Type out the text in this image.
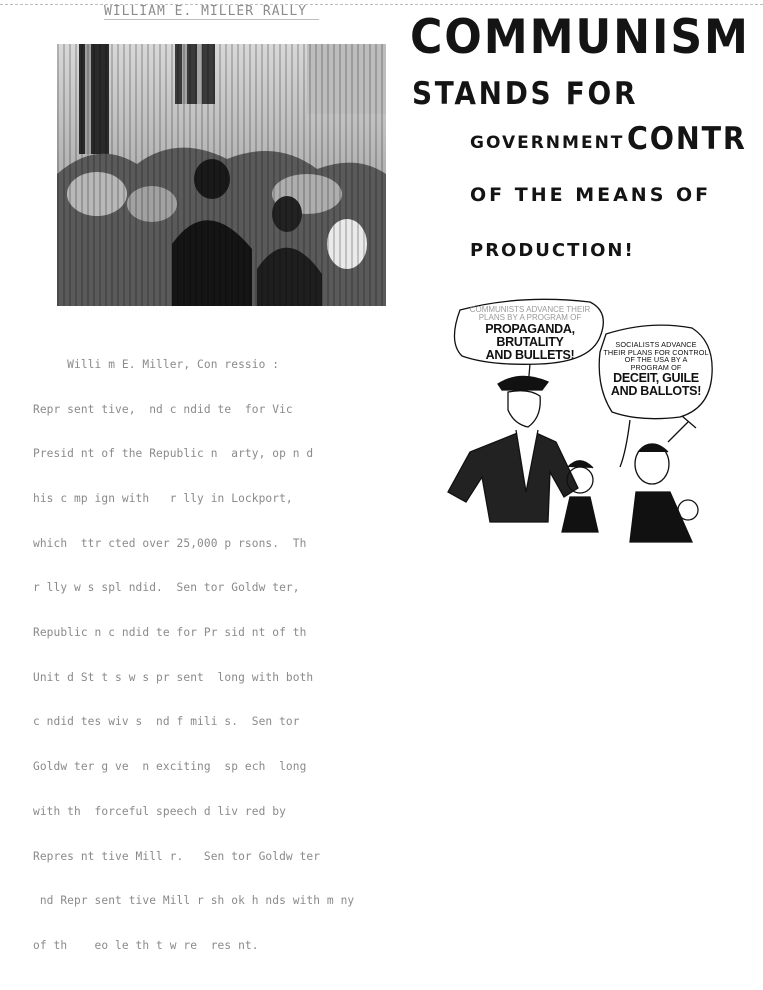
WILLIAM E. MILLER RALLY

Willi m E. Miller, Con ressio :

Repr sent tive,  nd c ndid te  for Vic

Presid nt of the Republic n  arty, op n d

his c mp ign with   r lly in Lockport,

which  ttr cted over 25,000 p rsons.  Th

r lly w s spl ndid.  Sen tor Goldw ter,

Republic n c ndid te for Pr sid nt of th

Unit d St t s w s pr sent  long with both

c ndid tes wiv s  nd f mili s.  Sen tor

Goldw ter g ve  n exciting  sp ech  long

with th  forceful speech d liv red by

Repres nt tive Mill r.   Sen tor Goldw ter

nd Repr sent tive Mill r sh ok h nds with m ny

of th    eo le th t w re  res nt.

COMMUNISM
STANDS FOR
GOVERNMENT CONTR
OF THE MEANS OF
PRODUCTION!
COMMUNISTS ADVANCE THEIR PLANS BY A PROGRAM OF
PROPAGANDA, BRUTALITY
AND BULLETS!
SOCIALISTS ADVANCE
THEIR PLANS FOR CONTROL
OF THE USA BY A
PROGRAM OF
DECEIT, GUILE
AND BALLOTS!
